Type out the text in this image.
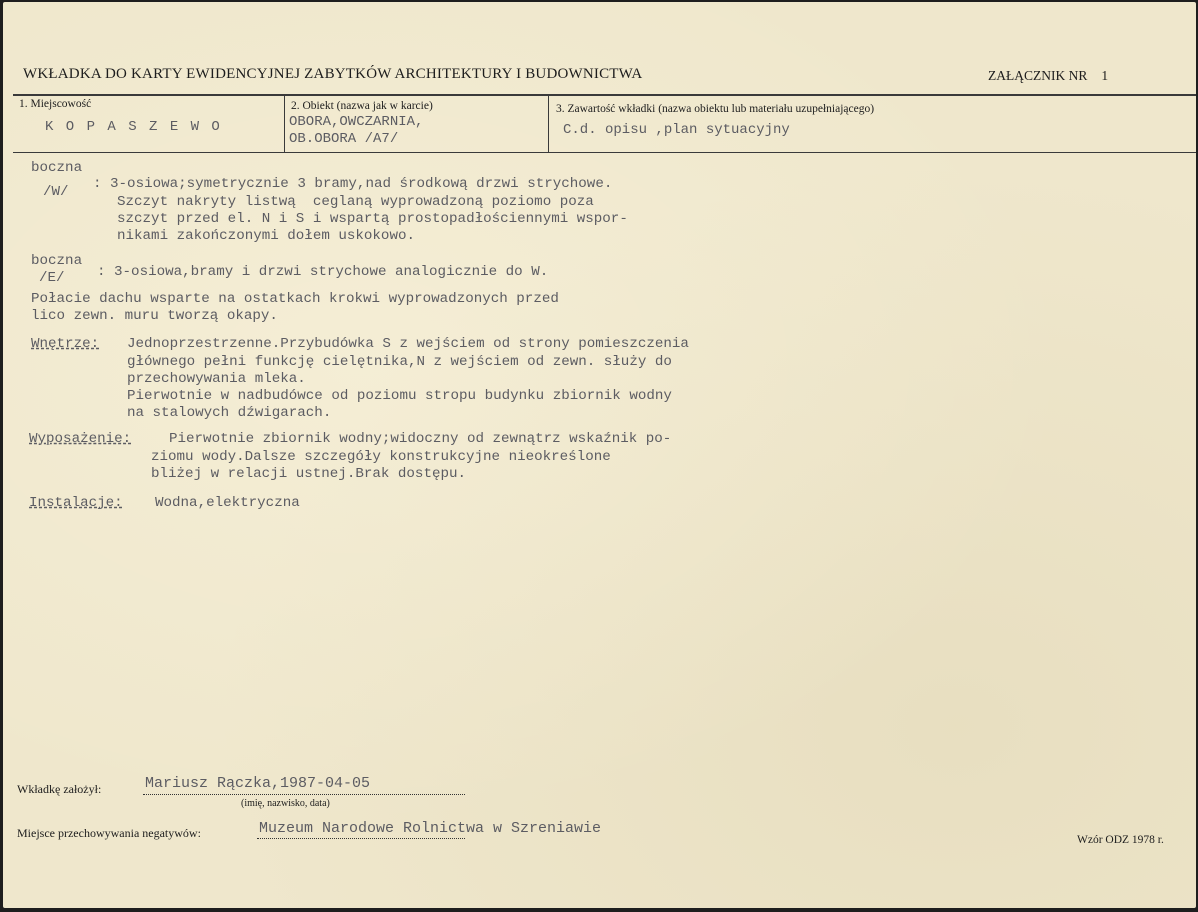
WKŁADKA DO KARTY EWIDENCYJNEJ ZABYTKÓW ARCHITEKTURY I BUDOWNICTWA	ZAŁĄCZNIK NR 1
1. Miejscowość
K O P A S Z E W O
2. Obiekt (nazwa jak w karcie)
OBORA,OWCZARNIA,
OB.OBORA /A7/
3. Zawartość wkładki (nazwa obiektu lub materiału uzupełniającego)
C.d. opisu ,plan sytuacyjny
boczna
/W/ : 3-osiowa;symetrycznie 3 bramy,nad środkową drzwi strychowe.
Szczyt nakryty listwą  ceglaną wyprowadzoną poziomo poza
szczyt przed el. N i S i wspartą prostopadłościennymi wspor-
nikami zakończonymi dołem uskokowo.
boczna
/E/ : 3-osiowa,bramy i drzwi strychowe analogicznie do W.
Połacie dachu wsparte na ostatkach krokwi wyprowadzonych przed
lico zewn. muru tworzą okapy.
Wnętrze: Jednoprzestrzenne.Przybudówka S z wejściem od strony pomieszczenia
głównego pełni funkcję cielętnika,N z wejściem od zewn. służy do
przechowywania mleka.
Pierwotnie w nadbudówce od poziomu stropu budynku zbiornik wodny
na stalowych dźwigarach.
Wyposażenie:	Pierwotnie zbiornik wodny;widoczny od zewnątrz wskaźnik po-
ziomu wody.Dalsze szczegóły konstrukcyjne nieokreślone
bliżej w relacji ustnej.Brak dostępu.
Instalacje: Wodna,elektryczna
Wkładkę założył:	Mariusz Rączka,1987-04-05
(imię, nazwisko, data)
Miejsce przechowywania negatywów:	Muzeum Narodowe Rolnictwa w Szreniawie
Wzór ODZ 1978 r.
